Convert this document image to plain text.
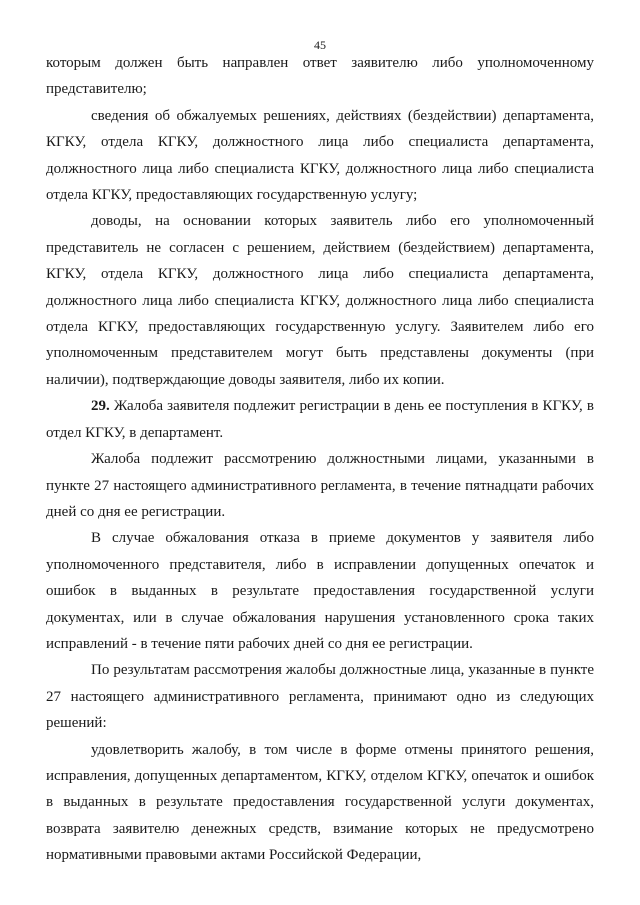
45

которым должен быть направлен ответ заявителю либо уполномоченному представителю;

сведения об обжалуемых решениях, действиях (бездействии) департамента, КГКУ, отдела КГКУ, должностного лица либо специалиста департамента, должностного лица либо специалиста КГКУ, должностного лица либо специалиста отдела КГКУ, предоставляющих государственную услугу;

доводы, на основании которых заявитель либо его уполномоченный представитель не согласен с решением, действием (бездействием) департамента, КГКУ, отдела КГКУ, должностного лица либо специалиста департамента, должностного лица либо специалиста КГКУ, должностного лица либо специалиста отдела КГКУ, предоставляющих государственную услугу. Заявителем либо его уполномоченным представителем могут быть представлены документы (при наличии), подтверждающие доводы заявителя, либо их копии.

29. Жалоба заявителя подлежит регистрации в день ее поступления в КГКУ, в отдел КГКУ, в департамент.

Жалоба подлежит рассмотрению должностными лицами, указанными в пункте 27 настоящего административного регламента, в течение пятнадцати рабочих дней со дня ее регистрации.

В случае обжалования отказа в приеме документов у заявителя либо уполномоченного представителя, либо в исправлении допущенных опечаток и ошибок в выданных в результате предоставления государственной услуги документах, или в случае обжалования нарушения установленного срока таких исправлений - в течение пяти рабочих дней со дня ее регистрации.

По результатам рассмотрения жалобы должностные лица, указанные в пункте 27 настоящего административного регламента, принимают одно из следующих решений:

удовлетворить жалобу, в том числе в форме отмены принятого решения, исправления, допущенных департаментом, КГКУ, отделом КГКУ, опечаток и ошибок в выданных в результате предоставления государственной услуги документах, возврата заявителю денежных средств, взимание которых не предусмотрено нормативными правовыми актами Российской Федерации,
